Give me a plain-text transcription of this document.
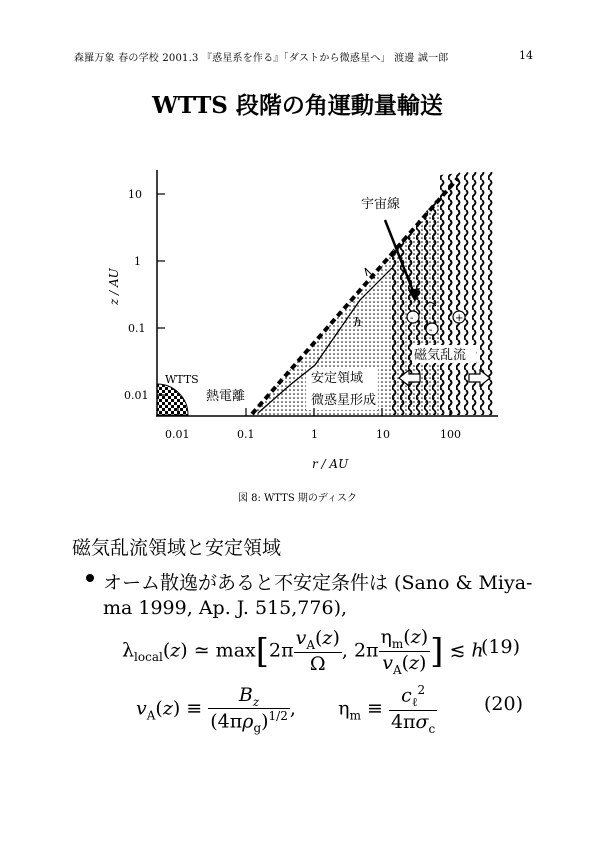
森羅万象 春の学校 2001.3 『惑星系を作る』「ダストから微惑星へ」 渡邊 誠一郎	14
WTTS 段階の角運動量輸送
10
1
0.1
0.01
0.01	0.1	1	10	100
r / AU
z / AU
h
宇宙線
-
-
+
磁気乱流
安定領域
微惑星形成
WTTS
熱電離
図 8: WTTS 期のディスク
磁気乱流領域と安定領域
オーム散逸があると不安定条件は (Sano & Miya-
ma 1999, Ap. J. 515,776),
$\lambda_{local}(z)$ ≃ $\max[2\pi \frac{v_A(z)}{\Omega}$ , $2\pi \frac{\eta_m(z)}{v_A(z)}$ ] ≲ h
(19)
$v_A(z) \equiv \frac{B_z}{(4\pi\rho_g)^{1/2}}$ ,       $\eta_m \equiv \frac{c_\ell^2}{4\pi\sigma_c} (20)$
